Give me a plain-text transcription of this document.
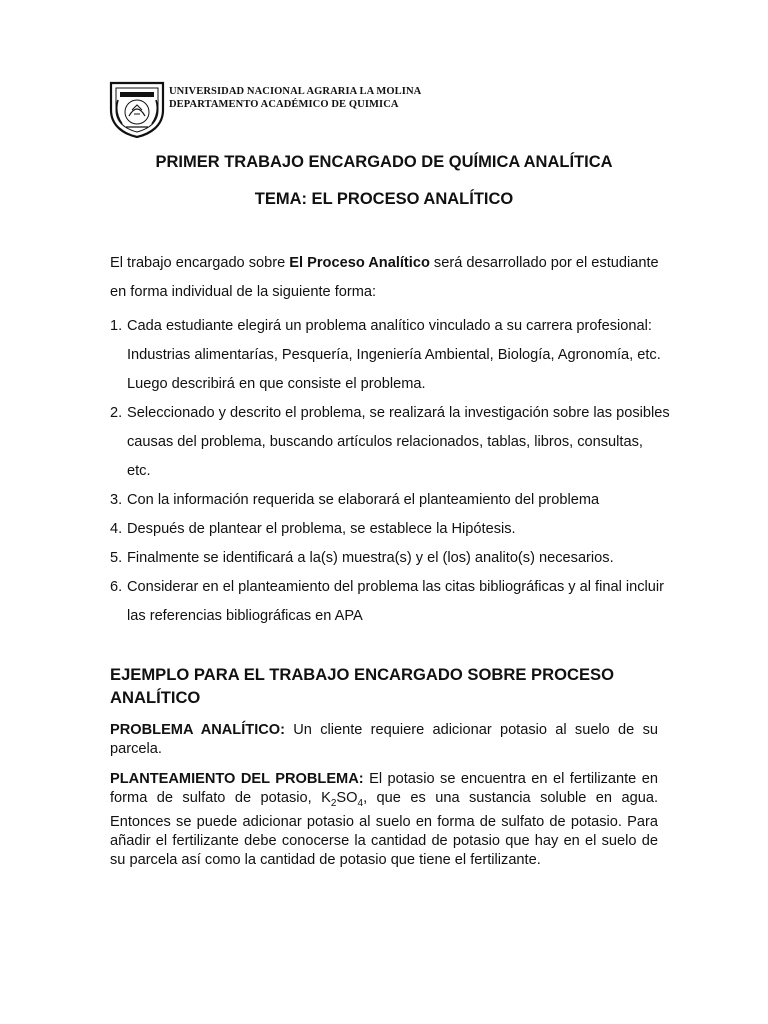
UNIVERSIDAD NACIONAL AGRARIA LA MOLINA
DEPARTAMENTO ACADÉMICO DE QUIMICA
PRIMER TRABAJO ENCARGADO DE QUÍMICA ANALÍTICA
TEMA: EL PROCESO ANALÍTICO
El trabajo encargado sobre El Proceso Analítico será desarrollado por el estudiante en forma individual de la siguiente forma:
1. Cada estudiante elegirá un problema analítico vinculado a su carrera profesional: Industrias alimentarías, Pesquería, Ingeniería Ambiental, Biología, Agronomía, etc. Luego describirá en que consiste el problema.
2. Seleccionado y descrito el problema, se realizará la investigación sobre las posibles causas del problema, buscando artículos relacionados, tablas, libros, consultas, etc.
3. Con la información requerida se elaborará el planteamiento del problema
4. Después de plantear el problema, se establece la Hipótesis.
5. Finalmente se identificará a la(s) muestra(s) y el (los) analito(s) necesarios.
6. Considerar en el planteamiento del problema las citas bibliográficas y al final incluir las referencias bibliográficas en APA
EJEMPLO PARA EL TRABAJO ENCARGADO SOBRE PROCESO ANALÍTICO
PROBLEMA ANALÍTICO: Un cliente requiere adicionar potasio al suelo de su parcela.
PLANTEAMIENTO DEL PROBLEMA: El potasio se encuentra en el fertilizante en forma de sulfato de potasio, $K_2SO_4$, que es una sustancia soluble en agua. Entonces se puede adicionar potasio al suelo en forma de sulfato de potasio. Para añadir el fertilizante debe conocerse la cantidad de potasio que hay en el suelo de su parcela así como la cantidad de potasio que tiene el fertilizante.
